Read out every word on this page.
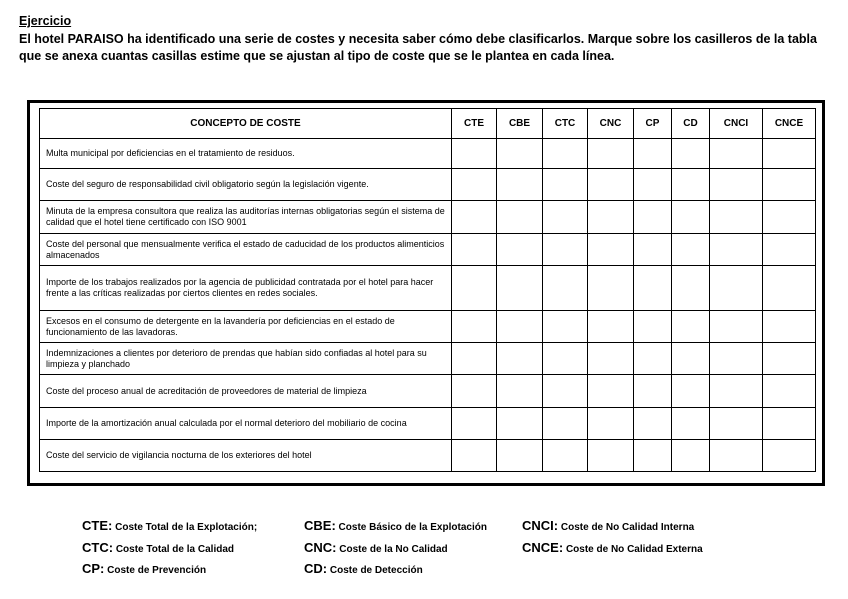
Ejercicio
El hotel PARAISO ha identificado una serie de costes y necesita saber cómo debe clasificarlos. Marque sobre los casilleros de la tabla que se anexa cuantas casillas estime que se ajustan al tipo de coste que se le plantea en cada línea.
CONCEPTO DE COSTE	CTE	CBE	CTC	CNC	CP	CD	CNCI	CNCE
Multa municipal por deficiencias en el tratamiento de residuos.								
Coste del seguro de responsabilidad civil obligatorio según la legislación vigente.								
Minuta de la empresa consultora que realiza las auditorías internas obligatorias según el sistema de calidad que el hotel tiene certificado con ISO 9001								
Coste del personal que mensualmente verifica el estado de caducidad de los productos alimenticios almacenados								
Importe de los trabajos realizados por la agencia de publicidad contratada por el hotel para hacer frente a las críticas realizadas por ciertos clientes en redes sociales.								
Excesos en el consumo de detergente en la lavandería por deficiencias en el estado de funcionamiento de las lavadoras.								
Indemnizaciones a clientes por deterioro de prendas que habían sido confiadas al hotel para su limpieza y planchado								
Coste del proceso anual de acreditación de proveedores de material de limpieza								
Importe de la amortización anual calculada por el normal deterioro del mobiliario de cocina								
Coste del servicio de vigilancia nocturna de los exteriores del hotel								
CTE: Coste Total de la Explotación;	CBE: Coste Básico de la Explotación	CNCI: Coste de No Calidad Interna
CTC: Coste Total de la Calidad	CNC: Coste de la No Calidad	CNCE: Coste de No Calidad Externa
CP: Coste de Prevención	CD: Coste de Detección
